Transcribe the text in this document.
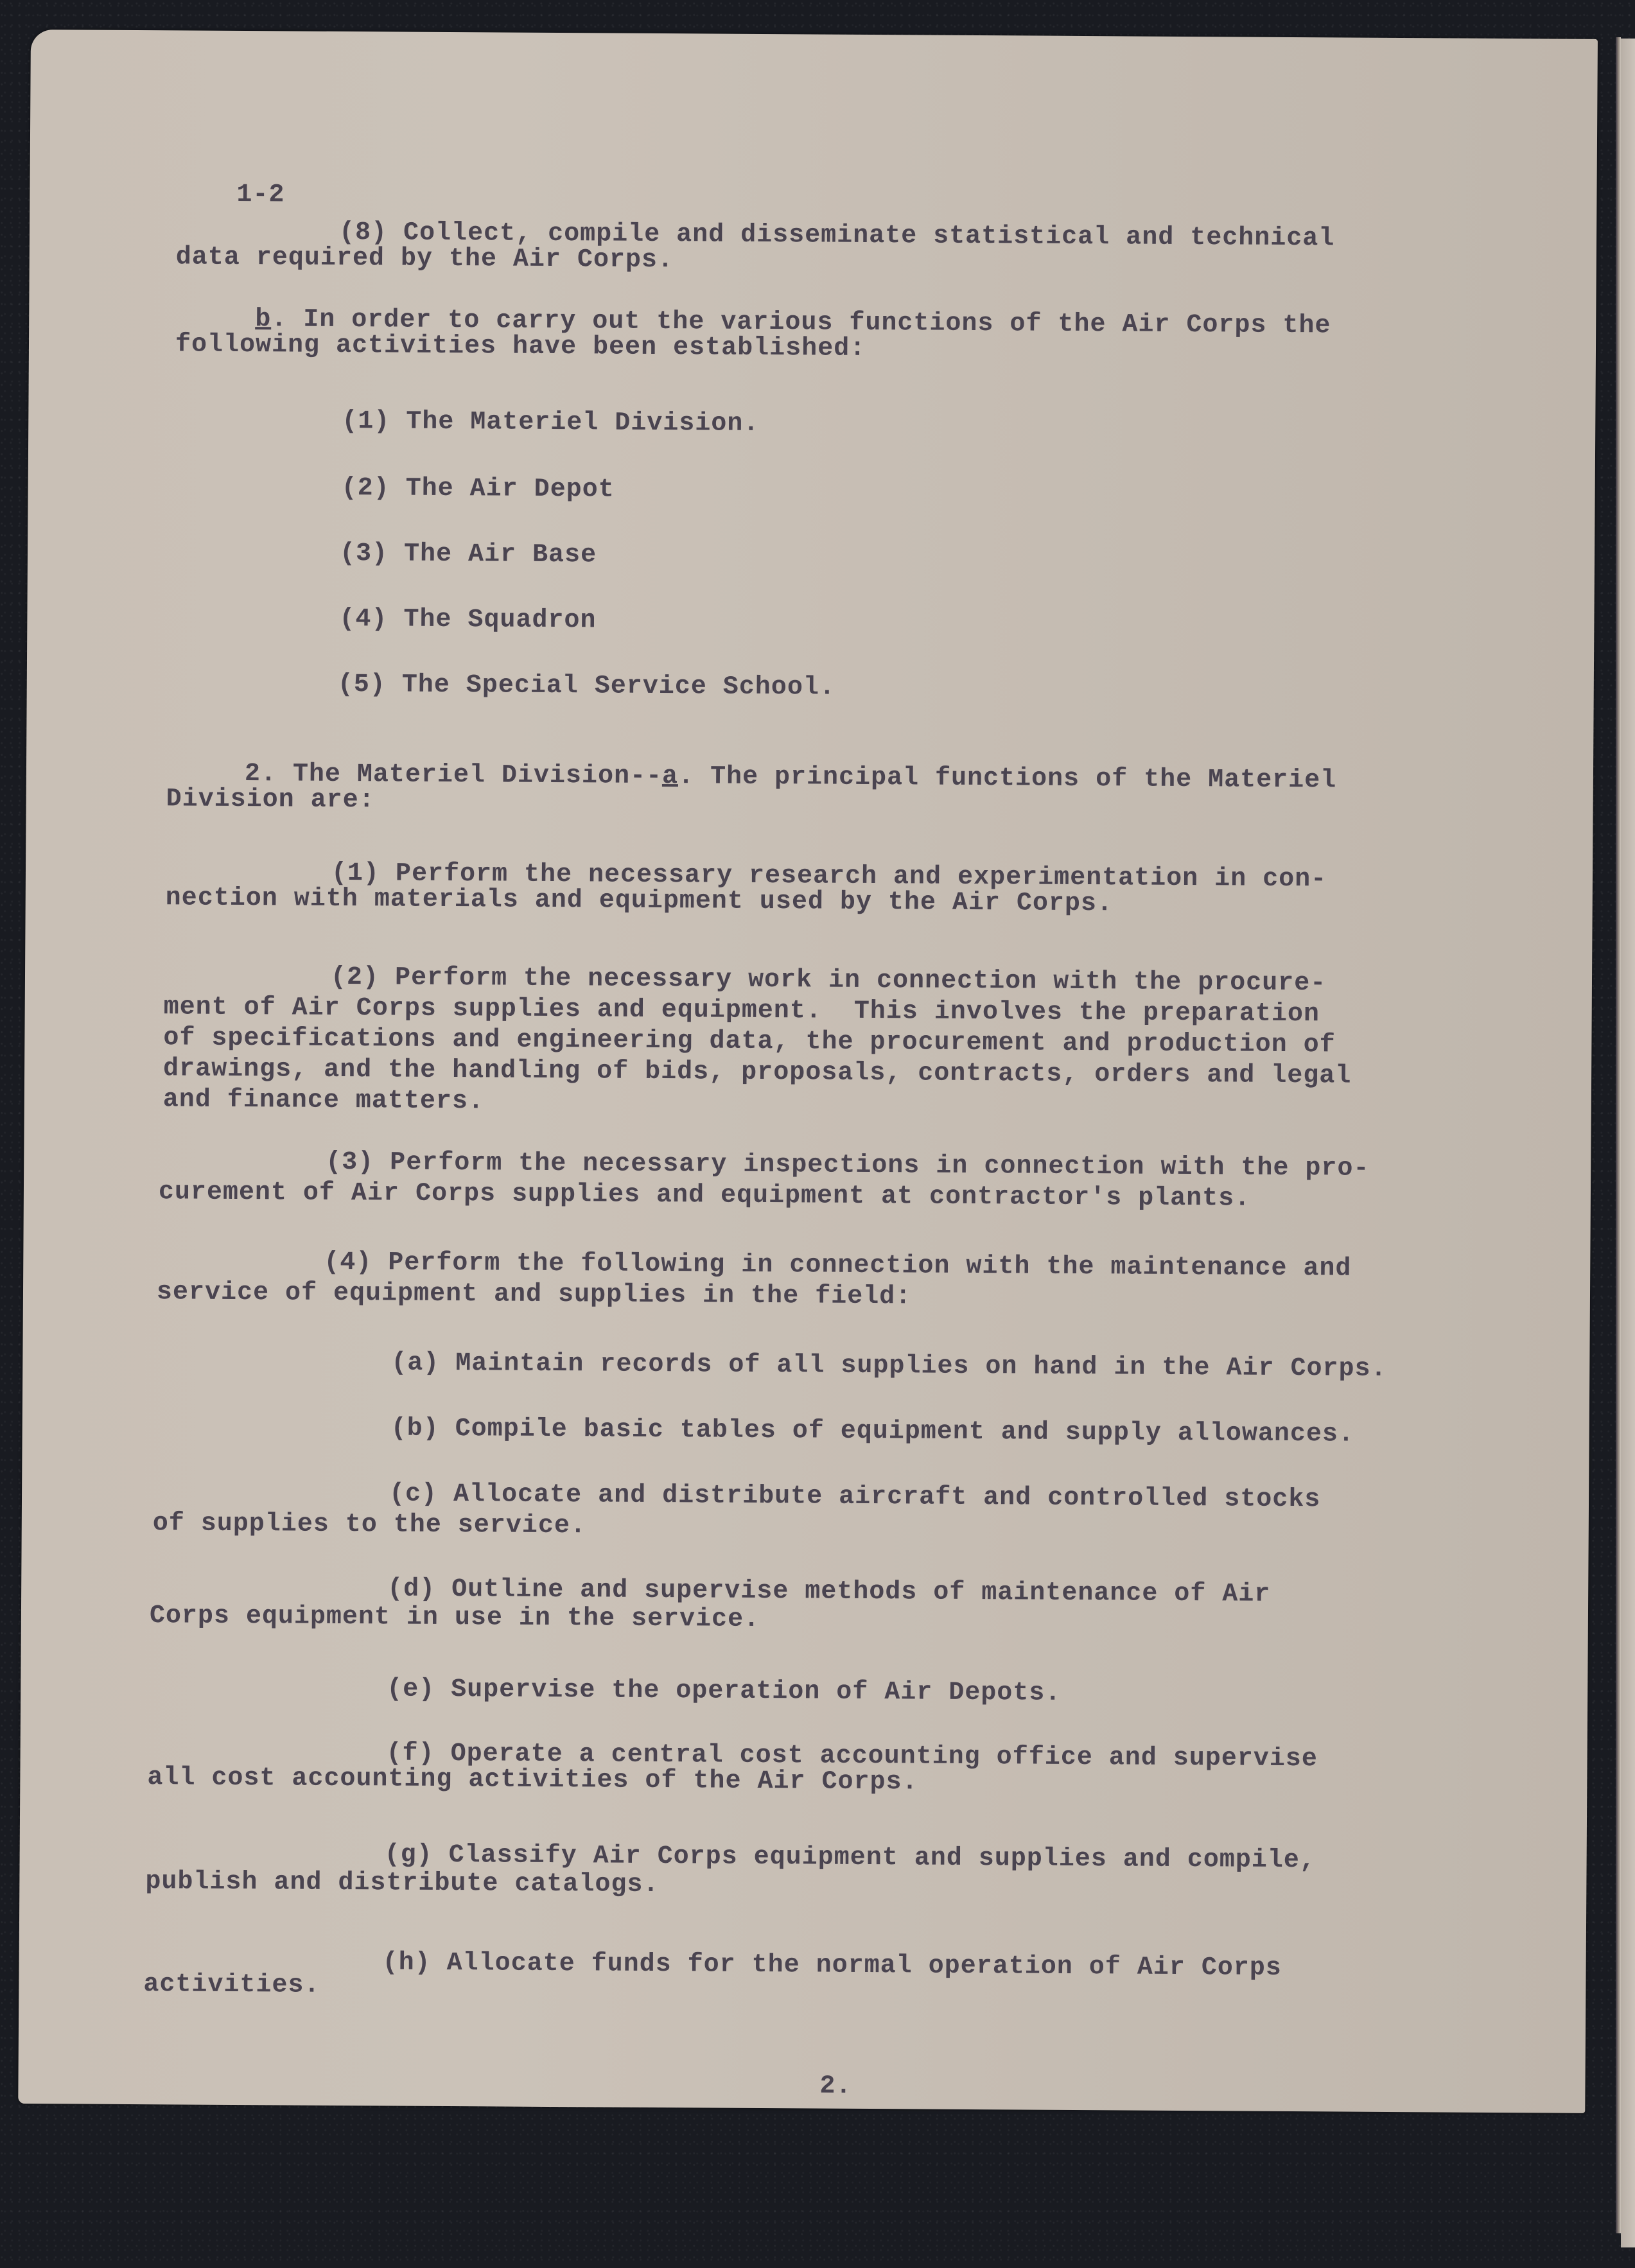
1-2

(8) Collect, compile and disseminate statistical and technical

data required by the Air Corps.

b. In order to carry out the various functions of the Air Corps the

following activities have been established:

(1) The Materiel Division.

(2) The Air Depot

(3) The Air Base

(4) The Squadron

(5) The Special Service School.

2. The Materiel Division--a. The principal functions of the Materiel

Division are:

(1) Perform the necessary research and experimentation in con-

nection with materials and equipment used by the Air Corps.

(2) Perform the necessary work in connection with the procure-

ment of Air Corps supplies and equipment.  This involves the preparation

of specifications and engineering data, the procurement and production of

drawings, and the handling of bids, proposals, contracts, orders and legal

and finance matters.

(3) Perform the necessary inspections in connection with the pro-

curement of Air Corps supplies and equipment at contractor's plants.

(4) Perform the following in connection with the maintenance and

service of equipment and supplies in the field:

(a) Maintain records of all supplies on hand in the Air Corps.

(b) Compile basic tables of equipment and supply allowances.

(c) Allocate and distribute aircraft and controlled stocks

of supplies to the service.

(d) Outline and supervise methods of maintenance of Air

Corps equipment in use in the service.

(e) Supervise the operation of Air Depots.

(f) Operate a central cost accounting office and supervise

all cost accounting activities of the Air Corps.

(g) Classify Air Corps equipment and supplies and compile,

publish and distribute catalogs.

(h) Allocate funds for the normal operation of Air Corps

activities.

2.
